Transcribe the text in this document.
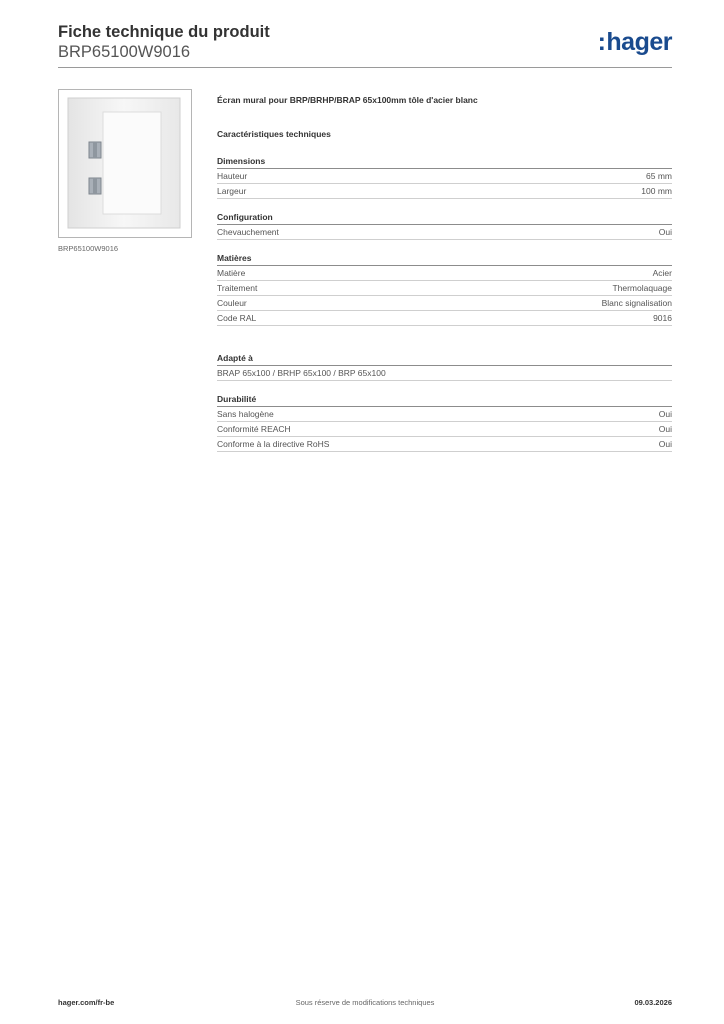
Fiche technique du produit
BRP65100W9016	:hager
BRP65100W9016
Écran mural pour BRP/BRHP/BRAP 65x100mm tôle d'acier blanc
Caractéristiques techniques
Dimensions
Hauteur	65 mm
Largeur	100 mm
Configuration
Chevauchement	Oui
Matières
Matière	Acier
Traitement	Thermolaquage
Couleur	Blanc signalisation
Code RAL	9016
Adapté à
BRAP 65x100 / BRHP 65x100 / BRP 65x100
Durabilité
Sans halogène	Oui
Conformité REACH	Oui
Conforme à la directive RoHS	Oui
hager.com/fr-be	Sous réserve de modifications techniques	09.03.2026
